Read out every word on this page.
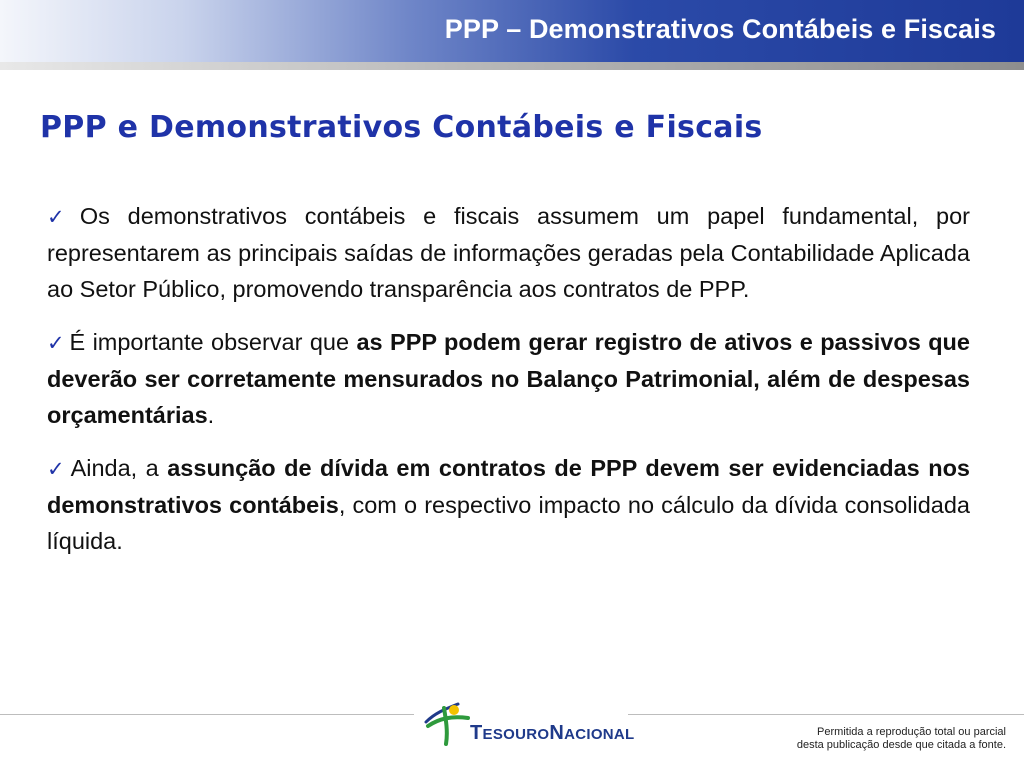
PPP – Demonstrativos Contábeis e Fiscais
PPP e Demonstrativos Contábeis e Fiscais

✓ Os demonstrativos contábeis e fiscais assumem um papel fundamental, por representarem as principais saídas de informações geradas pela Contabilidade Aplicada ao Setor Público, promovendo transparência aos contratos de PPP.

✓ É importante observar que as PPP podem gerar registro de ativos e passivos que deverão ser corretamente mensurados no Balanço Patrimonial, além de despesas orçamentárias.

✓ Ainda, a assunção de dívida em contratos de PPP devem ser evidenciadas nos demonstrativos contábeis, com o respectivo impacto no cálculo da dívida consolidada líquida.

TESOURONACIONAL	Permitida a reprodução total ou parcial
desta publicação desde que citada a fonte.
